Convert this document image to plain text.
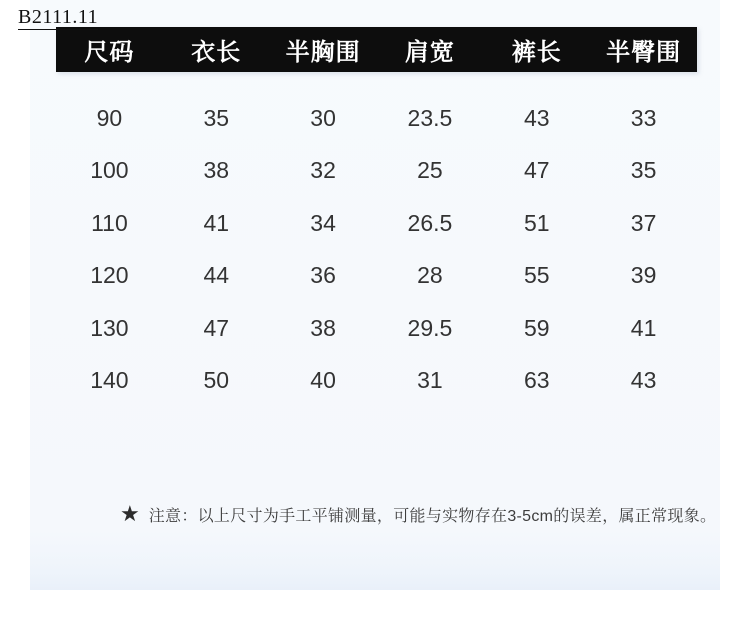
B2111.11
尺码	衣长	半胸围	肩宽	裤长	半臀围
90	35	30	23.5	43	33
100	38	32	25	47	35
110	41	34	26.5	51	37
120	44	36	28	55	39
130	47	38	29.5	59	41
140	50	40	31	63	43
★ 注意：以上尺寸为手工平铺测量，可能与实物存在3-5cm的误差，属正常现象。
